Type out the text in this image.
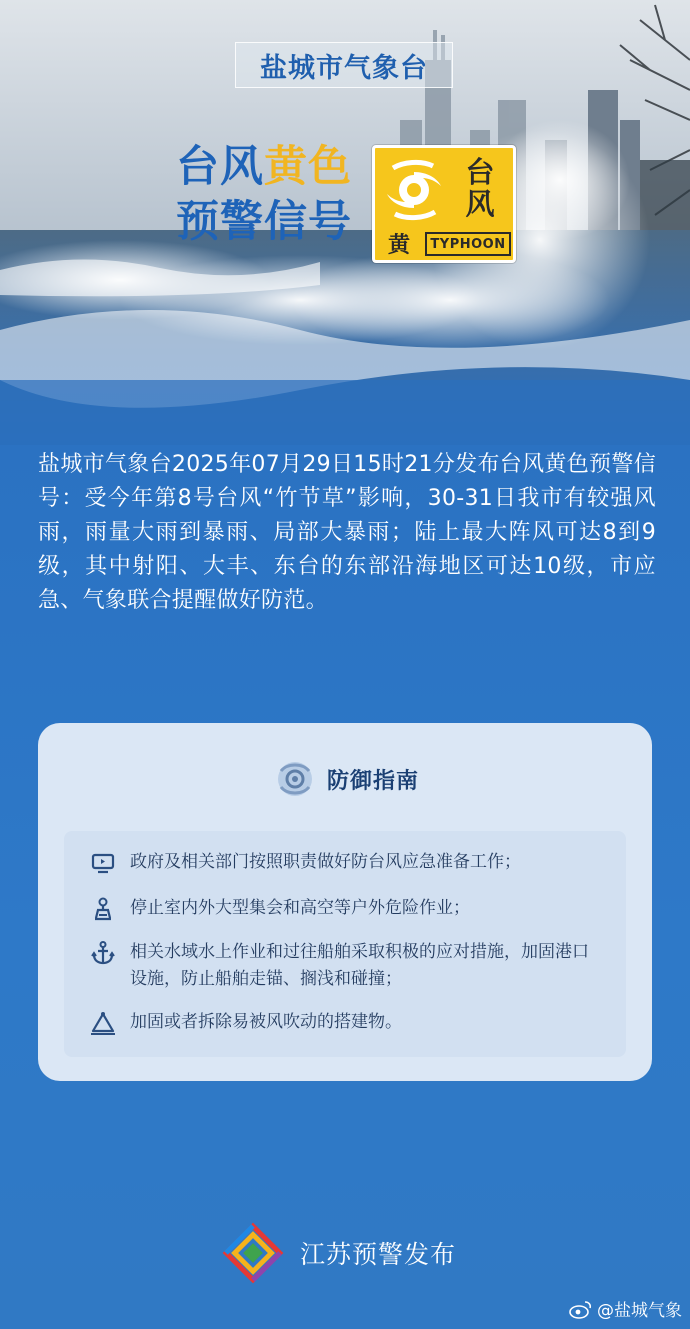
盐城市气象台
台风黄色
预警信号
台
风
黄	TYPHOON
盐城市气象台2025年07月29日15时21分发布台风黄色预警信号：受今年第8号台风“竹节草”影响，30-31日我市有较强风雨，雨量大雨到暴雨、局部大暴雨；陆上最大阵风可达8到9级，其中射阳、大丰、东台的东部沿海地区可达10级，市应急、气象联合提醒做好防范。
防御指南
政府及相关部门按照职责做好防台风应急准备工作；
停止室内外大型集会和高空等户外危险作业；
相关水域水上作业和过往船舶采取积极的应对措施，加固港口设施，防止船舶走锚、搁浅和碰撞；
加固或者拆除易被风吹动的搭建物。
江苏预警发布
@盐城气象
